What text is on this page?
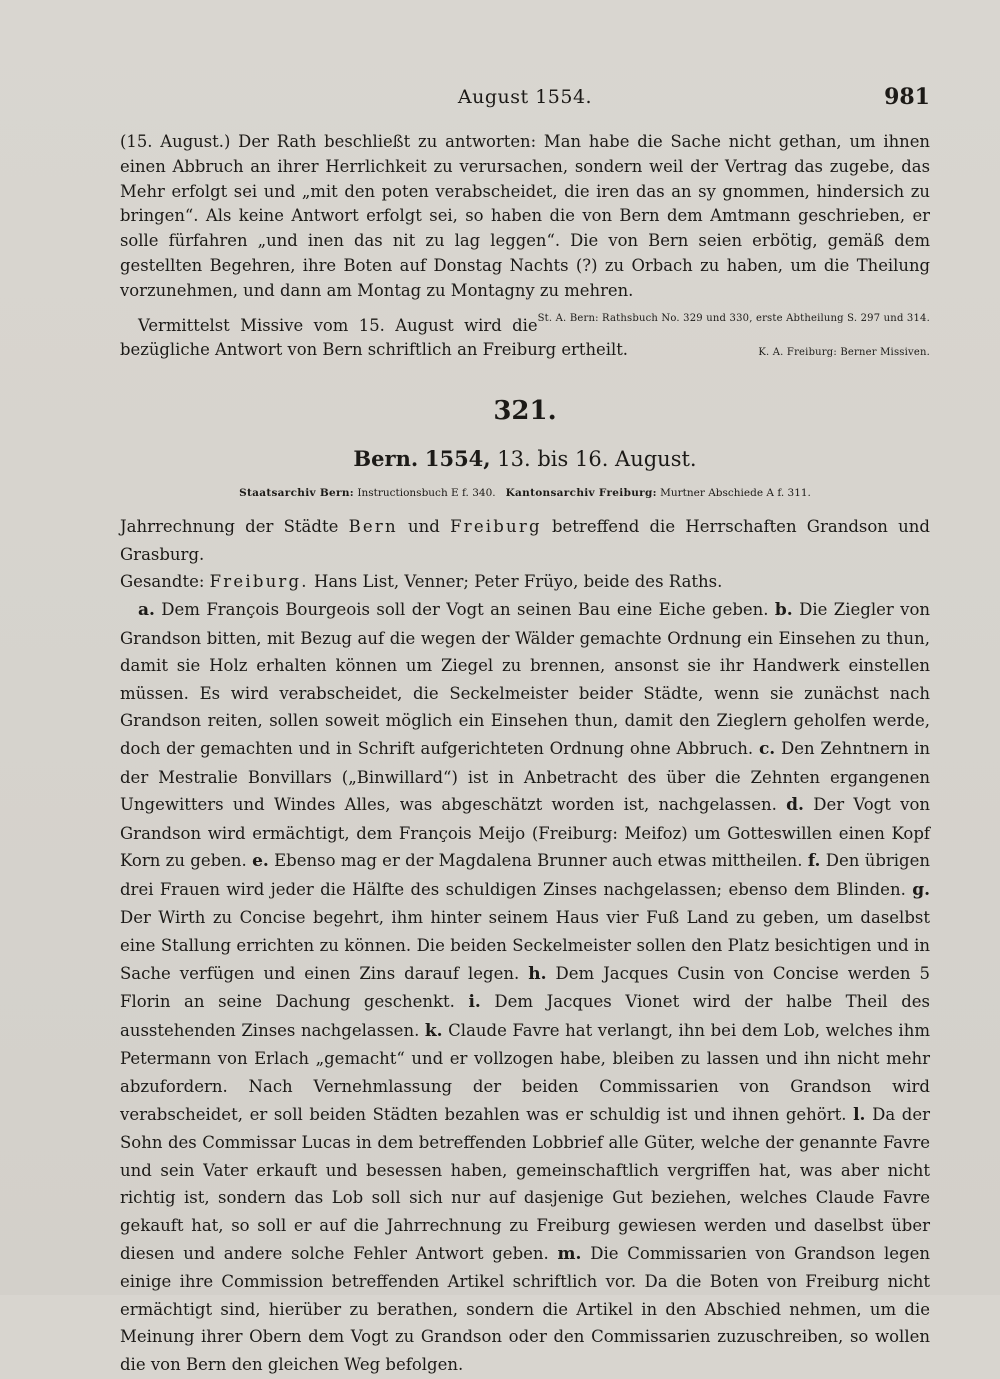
August 1554.	981

(15. August.) Der Rath beschließt zu antworten: Man habe die Sache nicht gethan, um ihnen einen Abbruch an ihrer Herrlichkeit zu verursachen, sondern weil der Vertrag das zugebe, das Mehr erfolgt sei und „mit den poten verabscheidet, die iren das an sy gnommen, hindersich zu bringen“. Als keine Antwort erfolgt sei, so haben die von Bern dem Amtmann geschrieben, er solle fürfahren „und inen das nit zu lag leggen“. Die von Bern seien erbötig, gemäß dem gestellten Begehren, ihre Boten auf Donstag Nachts (?) zu Orbach zu haben, um die Theilung vorzunehmen, und dann am Montag zu Montagny zu mehren.
St. A. Bern: Rathsbuch No. 329 und 330, erste Abtheilung S. 297 und 314.

Vermittelst Missive vom 15. August wird die bezügliche Antwort von Bern schriftlich an Freiburg ertheilt.	K. A. Freiburg: Berner Missiven.

321.
Bern. 1554, 13. bis 16. August.
Staatsarchiv Bern: Instructionsbuch E f. 340. Kantonsarchiv Freiburg: Murtner Abschiede A f. 311.

Jahrrechnung der Städte Bern und Freiburg betreffend die Herrschaften Grandson und Grasburg.

Gesandte: Freiburg. Hans List, Venner; Peter Früyo, beide des Raths.

a. Dem François Bourgeois soll der Vogt an seinen Bau eine Eiche geben. b. Die Ziegler von Grandson bitten, mit Bezug auf die wegen der Wälder gemachte Ordnung ein Einsehen zu thun, damit sie Holz erhalten können um Ziegel zu brennen, ansonst sie ihr Handwerk einstellen müssen. Es wird verabscheidet, die Seckelmeister beider Städte, wenn sie zunächst nach Grandson reiten, sollen soweit möglich ein Einsehen thun, damit den Zieglern geholfen werde, doch der gemachten und in Schrift aufgerichteten Ordnung ohne Abbruch. c. Den Zehntnern in der Mestralie Bonvillars („Binwillard“) ist in Anbetracht des über die Zehnten ergangenen Ungewitters und Windes Alles, was abgeschätzt worden ist, nachgelassen. d. Der Vogt von Grandson wird ermächtigt, dem François Meijo (Freiburg: Meifoz) um Gotteswillen einen Kopf Korn zu geben. e. Ebenso mag er der Magdalena Brunner auch etwas mittheilen. f. Den übrigen drei Frauen wird jeder die Hälfte des schuldigen Zinses nachgelassen; ebenso dem Blinden. g. Der Wirth zu Concise begehrt, ihm hinter seinem Haus vier Fuß Land zu geben, um daselbst eine Stallung errichten zu können. Die beiden Seckelmeister sollen den Platz besichtigen und in Sache verfügen und einen Zins darauf legen. h. Dem Jacques Cusin von Concise werden 5 Florin an seine Dachung geschenkt. i. Dem Jacques Vionet wird der halbe Theil des ausstehenden Zinses nachgelassen. k. Claude Favre hat verlangt, ihn bei dem Lob, welches ihm Petermann von Erlach „gemacht“ und er vollzogen habe, bleiben zu lassen und ihn nicht mehr abzufordern. Nach Vernehmlassung der beiden Commissarien von Grandson wird verabscheidet, er soll beiden Städten bezahlen was er schuldig ist und ihnen gehört. l. Da der Sohn des Commissar Lucas in dem betreffenden Lobbrief alle Güter, welche der genannte Favre und sein Vater erkauft und besessen haben, gemeinschaftlich vergriffen hat, was aber nicht richtig ist, sondern das Lob soll sich nur auf dasjenige Gut beziehen, welches Claude Favre gekauft hat, so soll er auf die Jahrrechnung zu Freiburg gewiesen werden und daselbst über diesen und andere solche Fehler Antwort geben. m. Die Commissarien von Grandson legen einige ihre Commission betreffenden Artikel schriftlich vor. Da die Boten von Freiburg nicht ermächtigt sind, hierüber zu berathen, sondern die Artikel in den Abschied nehmen, um die Meinung ihrer Obern dem Vogt zu Grandson oder den Commissarien zuzuschreiben, so wollen die von Bern den gleichen Weg befolgen.
